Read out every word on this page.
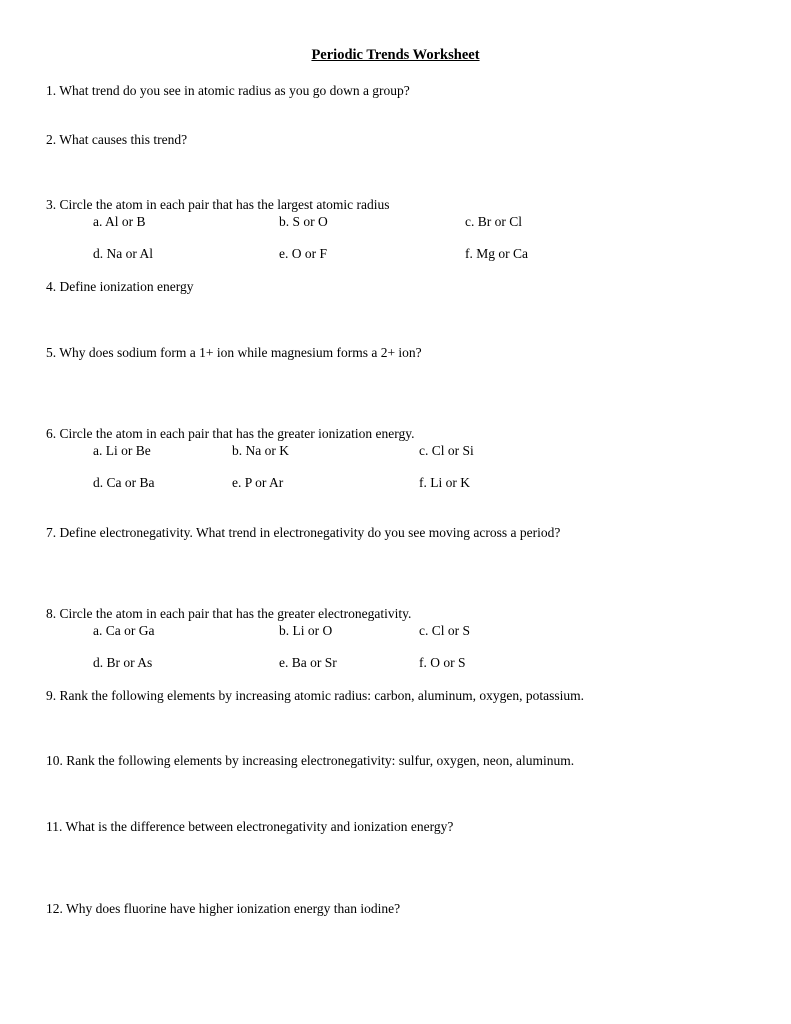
Periodic Trends Worksheet
1. What trend do you see in atomic radius as you go down a group?
2. What causes this trend?
3. Circle the atom in each pair that has the largest atomic radius
a. Al or B	b. S or O	c. Br or Cl
d. Na or Al	e. O or F	f. Mg or Ca
4. Define ionization energy
5. Why does sodium form a 1+ ion while magnesium forms a 2+ ion?
6. Circle the atom in each pair that has the greater ionization energy.
a. Li or Be	b. Na or K	c. Cl or Si
d. Ca or Ba	e. P or Ar	f. Li or K
7. Define electronegativity. What trend in electronegativity do you see moving across a period?
8. Circle the atom in each pair that has the greater electronegativity.
a. Ca or Ga	b. Li or O	c. Cl or S
d. Br or As	e. Ba or Sr	f. O or S
9. Rank the following elements by increasing atomic radius: carbon, aluminum, oxygen, potassium.
10. Rank the following elements by increasing electronegativity: sulfur, oxygen, neon, aluminum.
11. What is the difference between electronegativity and ionization energy?
12. Why does fluorine have higher ionization energy than iodine?
